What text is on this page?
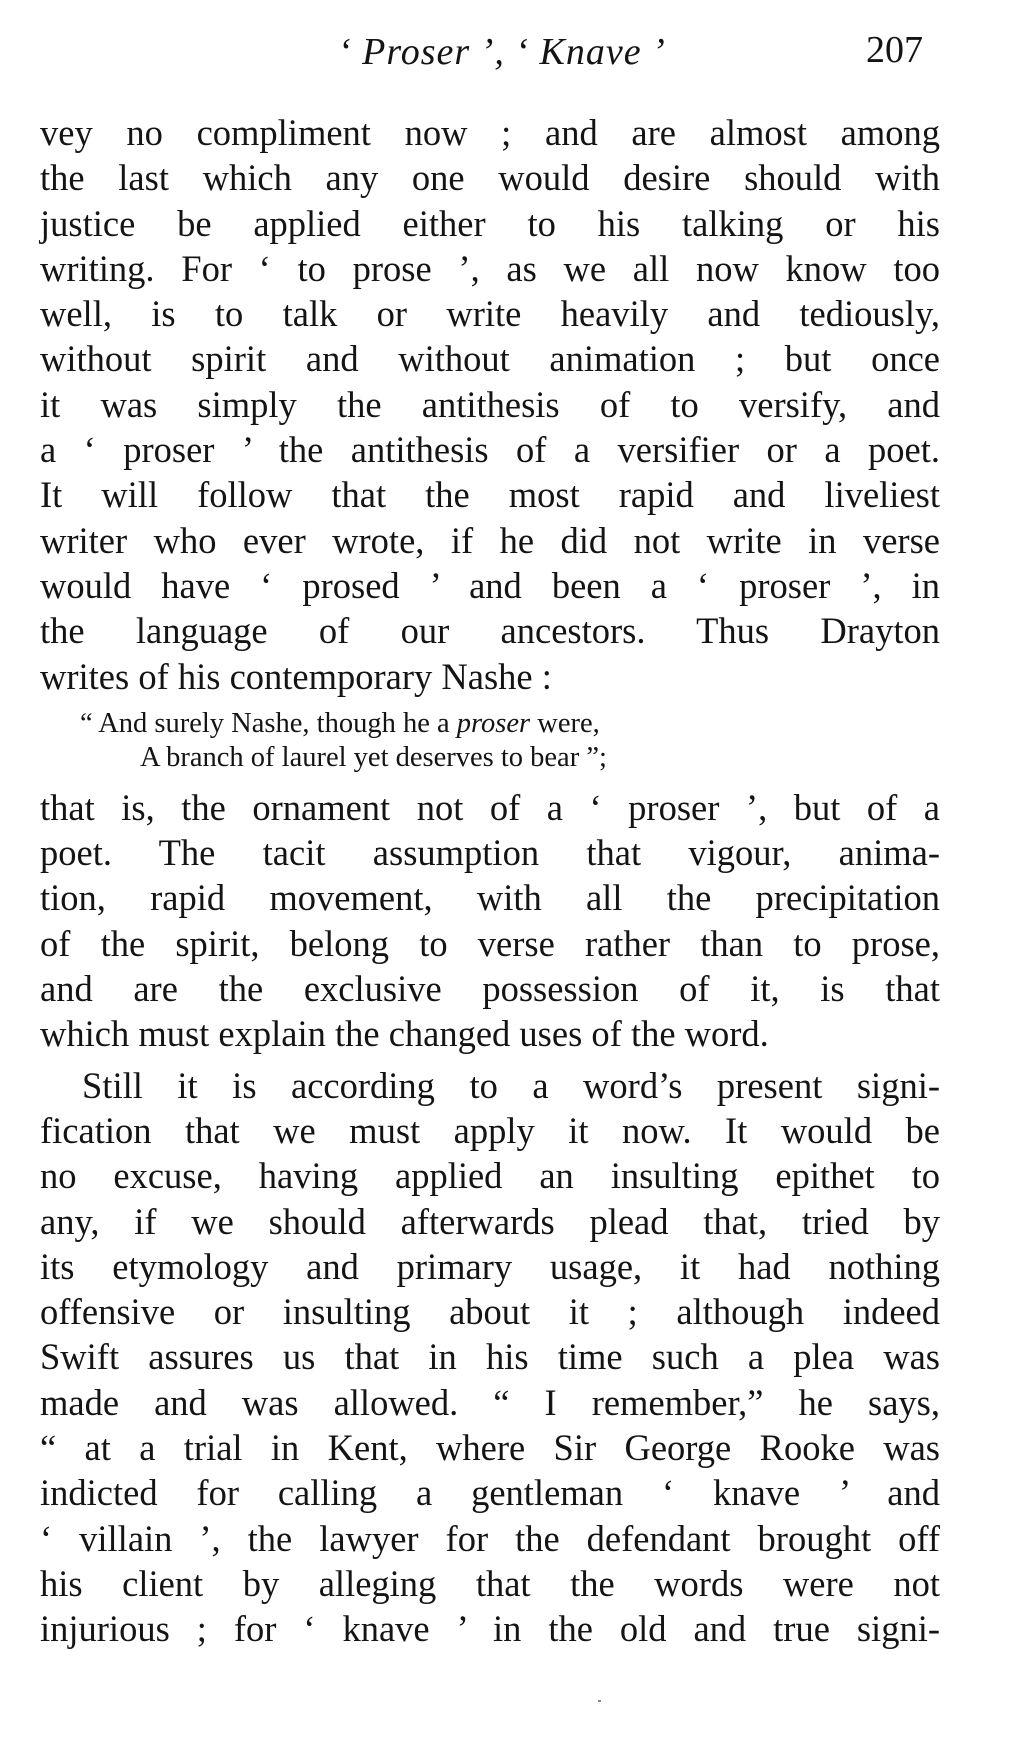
‘ Proser ’, ‘ Knave ’	207
vey no compliment now ; and are almost among
the last which any one would desire should with
justice be applied either to his talking or his
writing. For ‘ to prose ’, as we all now know too
well, is to talk or write heavily and tediously,
without spirit and without animation ; but once
it was simply the antithesis of to versify, and
a ‘ proser ’ the antithesis of a versifier or a poet.
It will follow that the most rapid and liveliest
writer who ever wrote, if he did not write in verse
would have ‘ prosed ’ and been a ‘ proser ’, in
the language of our ancestors. Thus Drayton
writes of his contemporary Nashe :
“ And surely Nashe, though he a proser were,
A branch of laurel yet deserves to bear ”;
that is, the ornament not of a ‘ proser ’, but of a
poet. The tacit assumption that vigour, anima-
tion, rapid movement, with all the precipitation
of the spirit, belong to verse rather than to prose,
and are the exclusive possession of it, is that
which must explain the changed uses of the word.
Still it is according to a word’s present signi-
fication that we must apply it now. It would be
no excuse, having applied an insulting epithet to
any, if we should afterwards plead that, tried by
its etymology and primary usage, it had nothing
offensive or insulting about it ; although indeed
Swift assures us that in his time such a plea was
made and was allowed. “ I remember,” he says,
“ at a trial in Kent, where Sir George Rooke was
indicted for calling a gentleman ‘ knave ’ and
‘ villain ’, the lawyer for the defendant brought off
his client by alleging that the words were not
injurious ; for ‘ knave ’ in the old and true signi-
